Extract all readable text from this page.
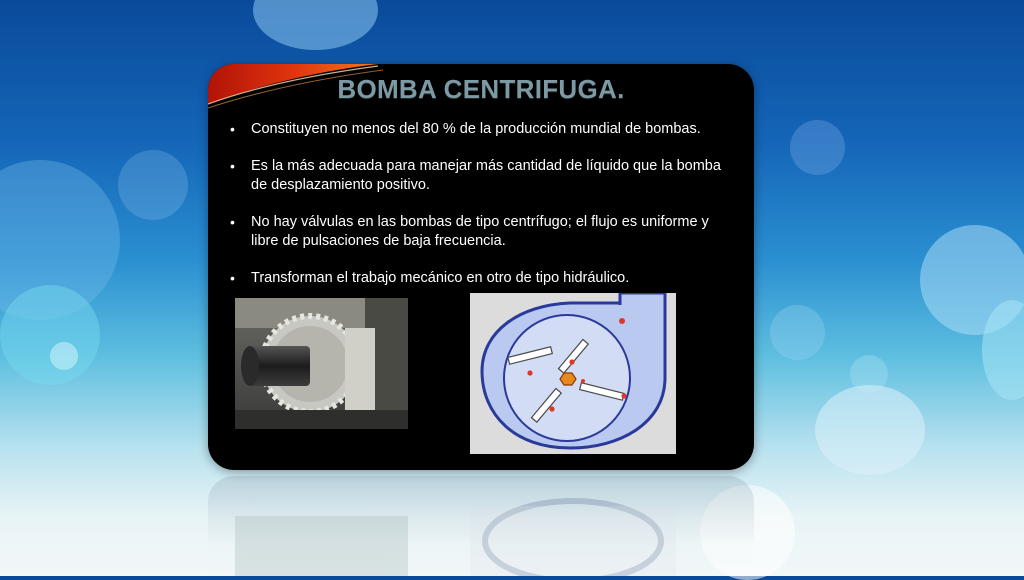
BOMBA CENTRIFUGA.
• Constituyen no menos del 80 % de la producción mundial de bombas.
• Es la más adecuada para manejar más cantidad de líquido que la bomba de desplazamiento positivo.
• No hay válvulas en las bombas de tipo centrífugo; el flujo es uniforme y libre de pulsaciones de baja frecuencia.
• Transforman el trabajo mecánico en otro de tipo hidráulico.
